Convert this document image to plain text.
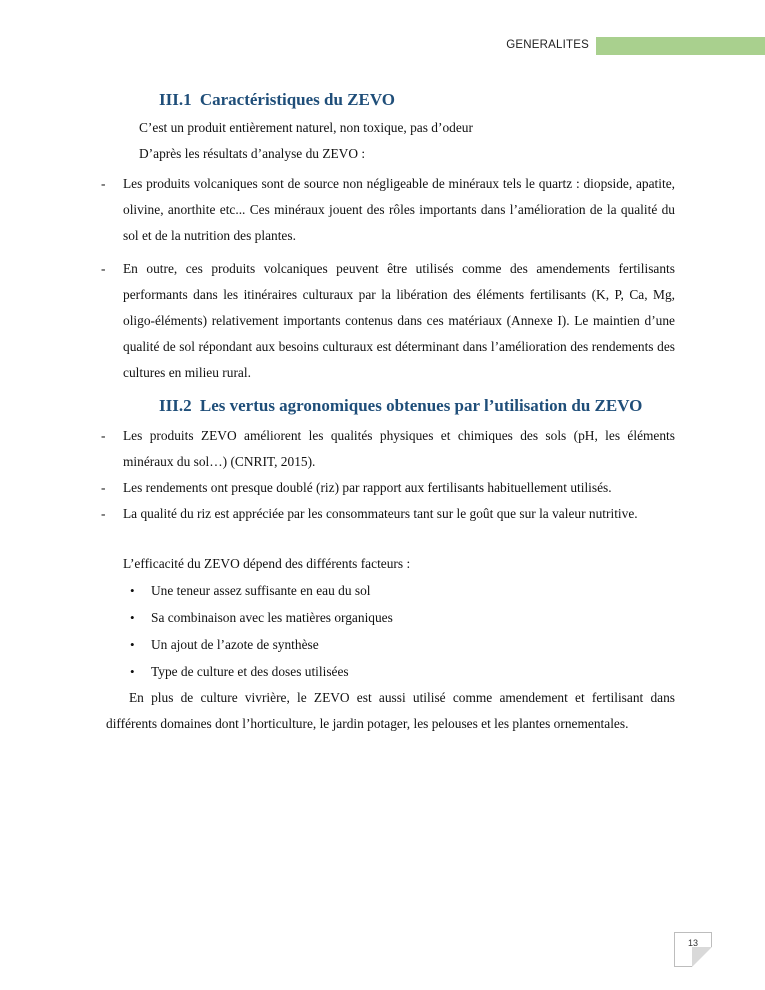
GENERALITES
III.1 Caractéristiques du ZEVO
C’est un produit entièrement naturel, non toxique, pas d’odeur
D’après les résultats d’analyse du ZEVO :
- Les produits volcaniques sont de source non négligeable de minéraux tels le quartz : diopside, apatite, olivine, anorthite etc... Ces minéraux jouent des rôles importants dans l’amélioration de la qualité du sol et de la nutrition des plantes.
- En outre, ces produits volcaniques peuvent être utilisés comme des amendements fertilisants performants dans les itinéraires culturaux par la libération des éléments fertilisants (K, P, Ca, Mg, oligo-éléments) relativement importants contenus dans ces matériaux (Annexe I). Le maintien d’une qualité de sol répondant aux besoins culturaux est déterminant dans l’amélioration des rendements des cultures en milieu rural.
III.2 Les vertus agronomiques obtenues par l’utilisation du ZEVO
- Les produits ZEVO améliorent les qualités physiques et chimiques des sols (pH, les éléments minéraux du sol…) (CNRIT, 2015).
- Les rendements ont presque doublé (riz) par rapport aux fertilisants habituellement utilisés.
- La qualité du riz est appréciée par les consommateurs tant sur le goût que sur la valeur nutritive.
L’efficacité du ZEVO dépend des différents facteurs :
• Une teneur assez suffisante en eau du sol
• Sa combinaison avec les matières organiques
• Un ajout de l’azote de synthèse
• Type de culture et des doses utilisées
En plus de culture vivrière, le ZEVO est aussi utilisé comme amendement et fertilisant dans différents domaines dont l’horticulture, le jardin potager, les pelouses et les plantes ornementales.
13
